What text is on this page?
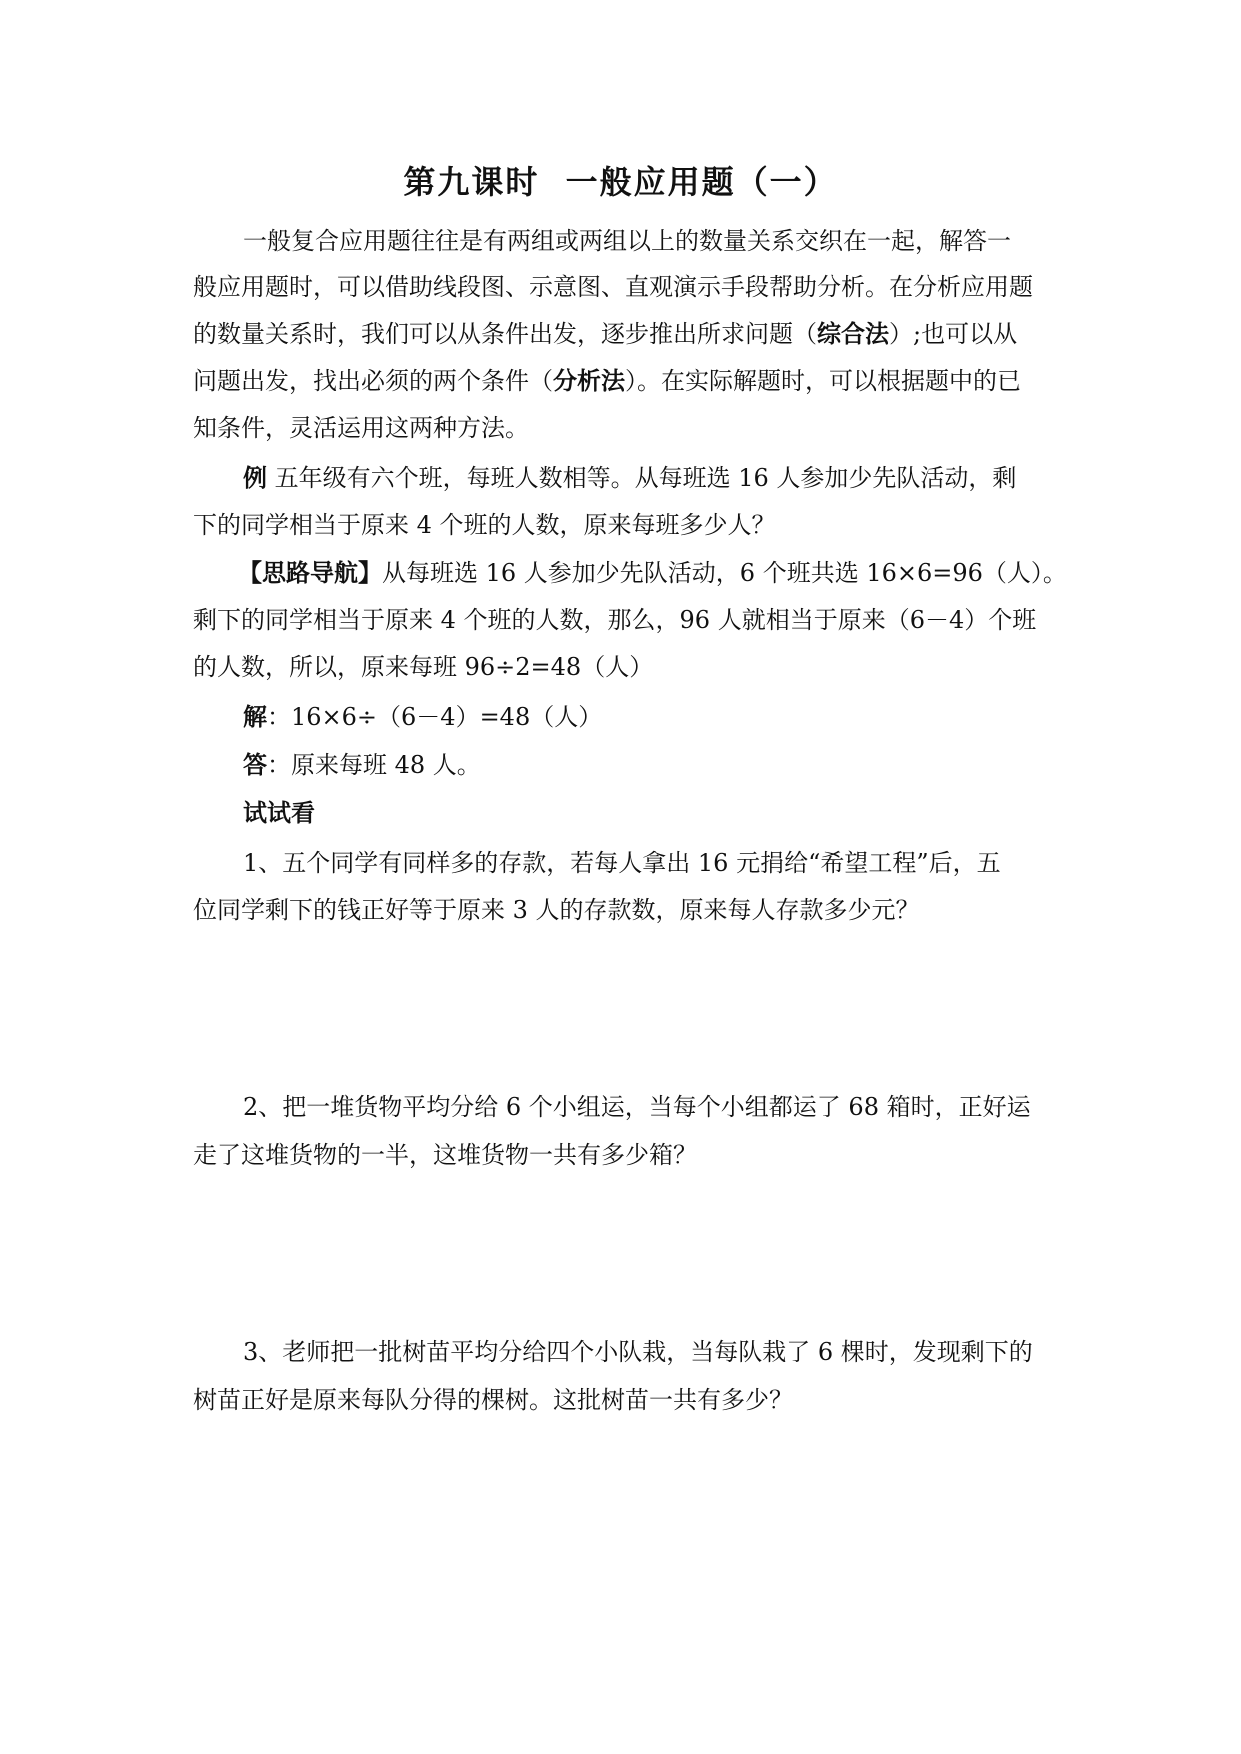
第九课时  一般应用题（一）
一般复合应用题往往是有两组或两组以上的数量关系交织在一起，解答一
般应用题时，可以借助线段图、示意图、直观演示手段帮助分析。在分析应用题
的数量关系时，我们可以从条件出发，逐步推出所求问题（综合法）;也可以从
问题出发，找出必须的两个条件（分析法）。在实际解题时，可以根据题中的已
知条件，灵活运用这两种方法。
例 五年级有六个班，每班人数相等。从每班选 16 人参加少先队活动，剩
下的同学相当于原来 4 个班的人数，原来每班多少人？
【思路导航】从每班选 16 人参加少先队活动，6 个班共选 16×6=96（人）。
剩下的同学相当于原来 4 个班的人数，那么，96 人就相当于原来（6－4）个班
的人数，所以，原来每班 96÷2=48（人）
解：16×6÷（6－4）=48（人）
答：原来每班 48 人。
试试看
1、五个同学有同样多的存款，若每人拿出 16 元捐给“希望工程”后，五
位同学剩下的钱正好等于原来 3 人的存款数，原来每人存款多少元？
2、把一堆货物平均分给 6 个小组运，当每个小组都运了 68 箱时，正好运
走了这堆货物的一半，这堆货物一共有多少箱？
3、老师把一批树苗平均分给四个小队栽，当每队栽了 6 棵时，发现剩下的
树苗正好是原来每队分得的棵树。这批树苗一共有多少？
